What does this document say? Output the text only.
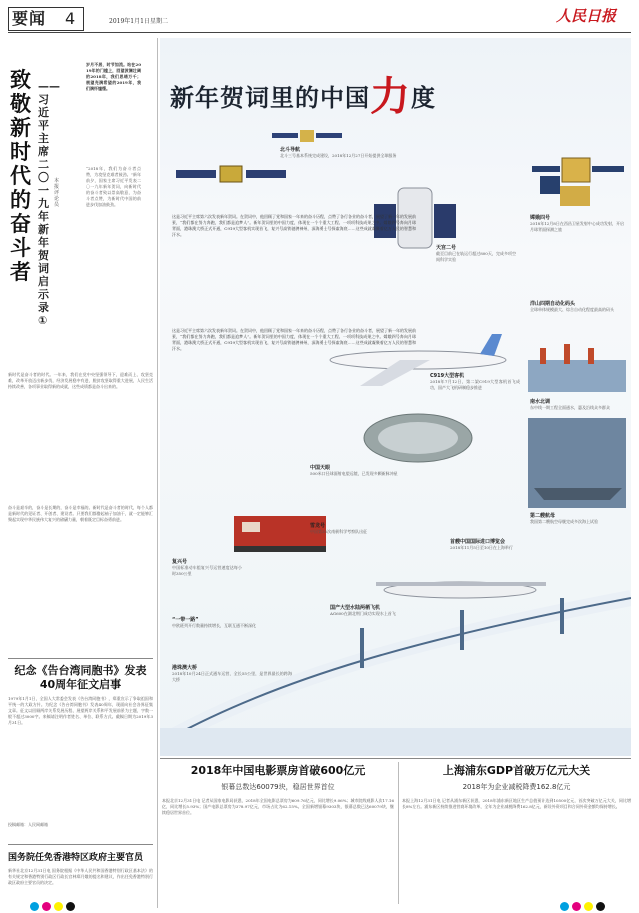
要闻 4	2019年1月1日 星期二	人民日报
致敬新时代的奋斗者
——习近平主席二〇一九年新年贺词启示录①
本报评论员
岁月不居，时节如流。站在2019年的门槛上，回望波澜壮阔的2018年，我们思绪万千；展望充满希望的2019年，我们满怀憧憬。
“2018年，我们为奋斗者点赞，为攻坚克难者鼓劲。”新年前夕，国家主席习近平发表二〇一九年新年贺词，向新时代的奋斗者致以崇高敬意，为奋斗者点赞，为新时代中国的前进步伐加油鼓劲。
新时代是奋斗者的时代。一年来，我们在党中央坚强领导下，迎难而上、攻坚克难，改革开放迈出新步伐，经济发展稳中有进，脱贫攻坚取得重大进展，人民生活持续改善，各项事业取得新的成就，这些成绩都是奋斗出来的。
奋斗是艰辛的，奋斗是长期的，奋斗是幸福的。新时代是奋斗者的时代，每个人都是新时代的见证者、开创者、建设者。只要我们都撸起袖子加油干，就一定能够汇聚起实现中华民族伟大复兴的磅礴力量，朝着既定目标奋勇前进。
纪念《告台湾同胞书》发表40周年征文启事
1979年1月1日，全国人大常委会发表《告台湾同胞书》，郑重宣示了争取祖国和平统一的大政方针。为纪念《告台湾同胞书》发表40周年，现面向社会各界征集文章。征文以回顾两岸关系发展历程、展望两岸关系和平发展前景为主题，字数一般不超过3000字。来稿请注明作者姓名、单位、联系方式。截稿日期为2019年3月31日。
投稿邮箱：人民网邮箱
国务院任免香港特区政府主要官员
新华社北京12月31日电 国务院根据《中华人民共和国香港特别行政区基本法》的有关规定和香港特别行政区行政长官林郑月娥的提名和建议，作出任免香港特别行政区政府主要官员的决定。
新年贺词里的中国力度
这是习近平主席第六次发表新年贺词。在贺词中，他回顾了党和国家一年来的奋斗历程，点赞了各行各业的奋斗者，展望了新一年的发展前景，“我们都在努力奔跑，我们都是追梦人”。新年贺词里的中国力度，体现在一个个重大工程、一项项科技成果之中。嫦娥四号奔向月球背面，港珠澳大桥正式开通，C919大型客机实现首飞，复兴号高铁驰骋神州，深海勇士号探索海底……这些成就凝聚着亿万人民的智慧和汗水。
这是习近平主席第六次发表新年贺词。在贺词中，他回顾了党和国家一年来的奋斗历程，点赞了各行各业的奋斗者，展望了新一年的发展前景，“我们都在努力奔跑，我们都是追梦人”。新年贺词里的中国力度，体现在一个个重大工程、一项项科技成果之中。嫦娥四号奔向月球背面，港珠澳大桥正式开通，C919大型客机实现首飞，复兴号高铁驰骋神州，深海勇士号探索海底……这些成就凝聚着亿万人民的智慧和汗水。
北斗导航
北斗三号基本系统完成建设，2018年12月27日开始提供全球服务
天宫二号
截至目前已在轨运行超过800天，完成多项空间科学实验
嫦娥四号
2018年12月8日在西昌卫星发射中心成功发射，开启月球背面探测之旅
C919大型客机
2018年7月12日，第二架C919大型客机首飞成功，国产大飞机研制稳步推进
洋山四期自动化码头
全球单体规模最大、综合自动化程度最高的码头
南水北调
东中线一期工程全面通水，惠及沿线众多群众
中国天眼
500米口径球面射电望远镜，已发现多颗新脉冲星
第二艘航母
我国第二艘航空母舰完成多次海上试验
雪龙号
中国第35次南极科学考察队出征
首艘中国国际进口博览会
2018年11月5日至10日在上海举行
复兴号
中国标准动车组复兴号运营速度达每小时350公里
“一带一路”
中欧班列开行数量持续增长，互联互通不断深化
国产大型水陆两栖飞机
AG600在湖北荆门成功实现水上首飞
港珠澳大桥
2018年10月24日正式通车运营，全长55公里，是世界最长的跨海大桥
2018年中国电影票房首破600亿元
银幕总数达60079块，稳居世界首位
本报北京12月31日电 记者从国家电影局获悉，2018年全国电影总票房为609.76亿元，同比增长9.06%；城市院线观影人次17.16亿，同比增长5.93%；国产电影总票房为378.97亿元，市场占比为62.15%。全国新增银幕9303块，银幕总数已达60079块，继续稳居世界首位。
上海浦东GDP首破万亿元大关
2018年为企业减税降费162.8亿元
本报上海12月31日电 记者从浦东新区获悉，2018年浦东新区地区生产总值预计达到10500亿元，首次突破万亿元大关，同比增长8%左右。浦东新区持续推进营商环境改革，全年为企业减税降费162.8亿元，新设外资项目和合同外资金额均保持增长。
